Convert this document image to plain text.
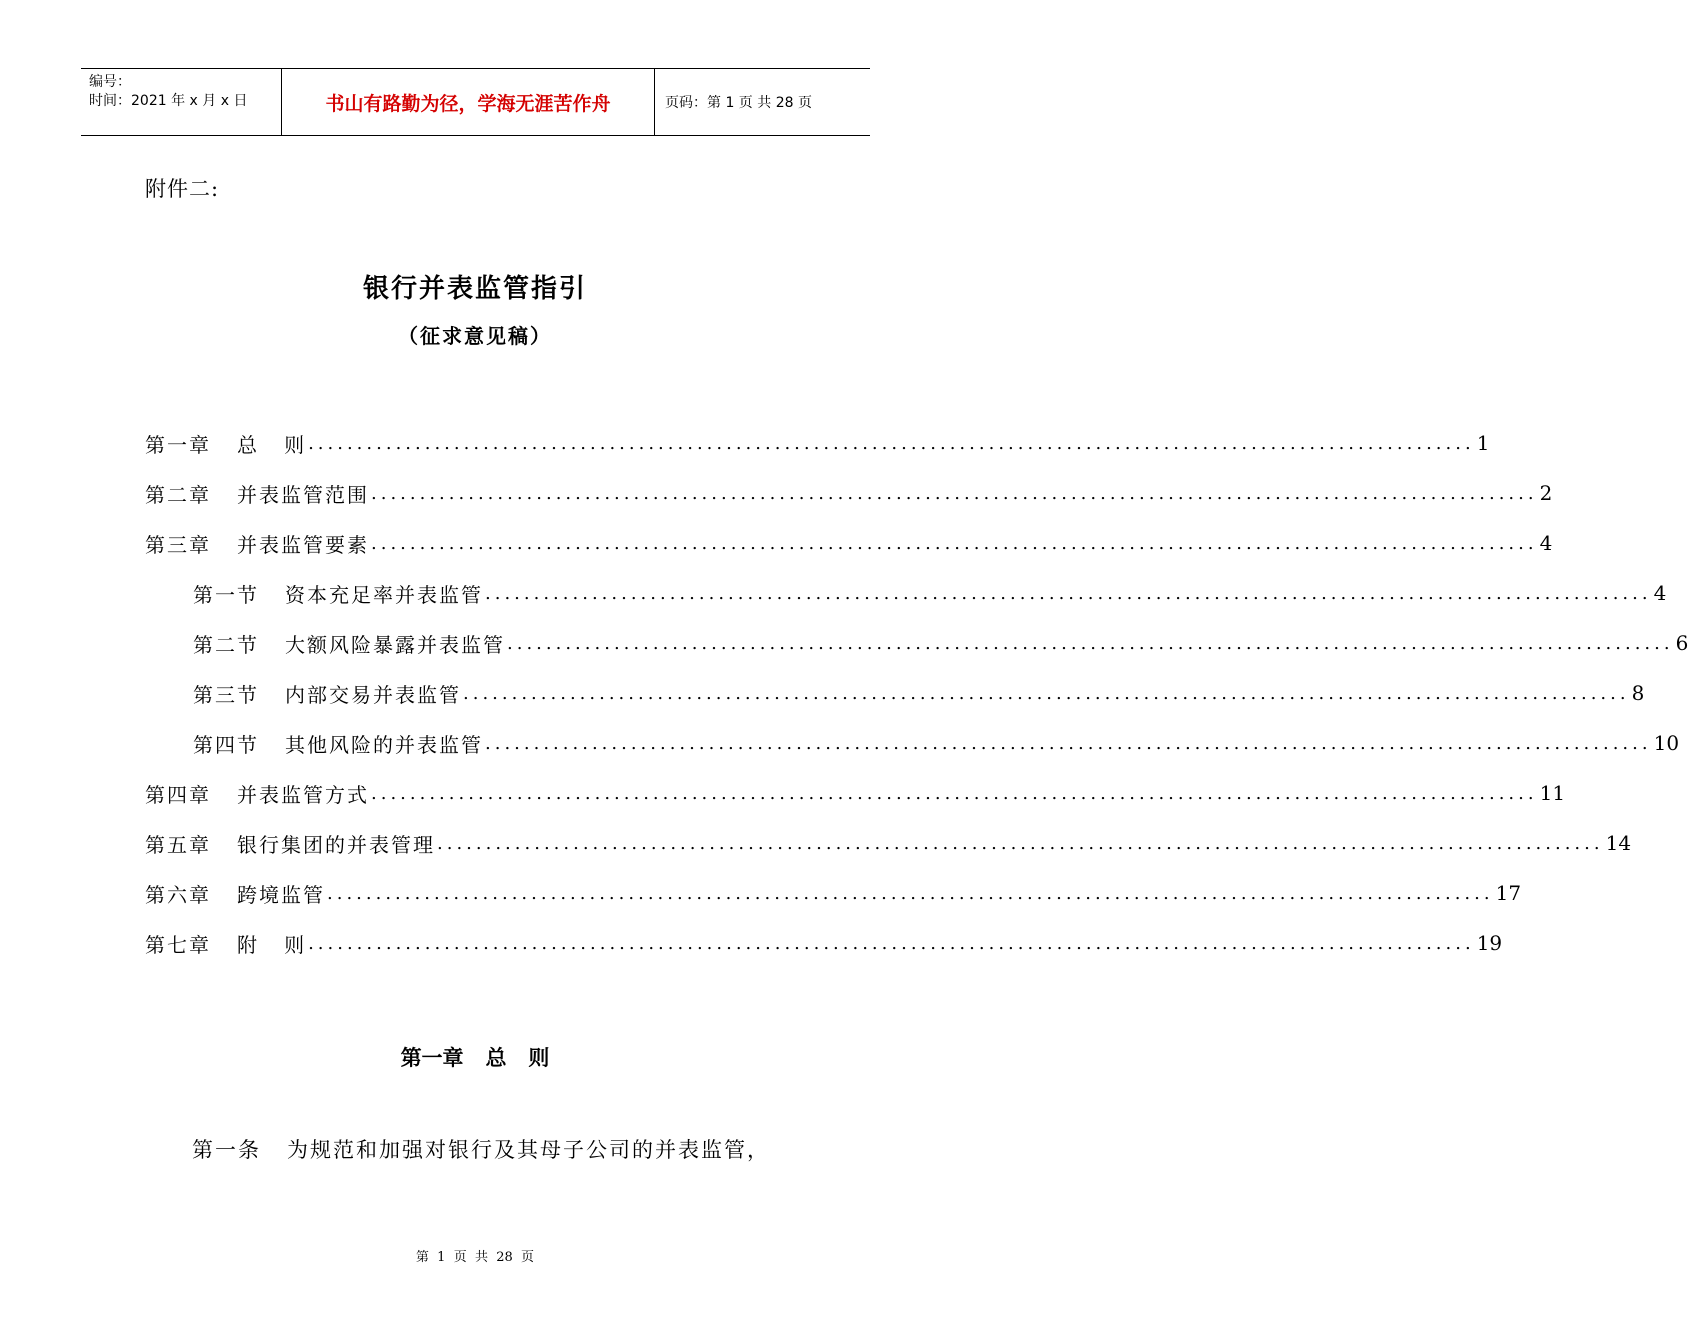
编号：
时间：2021 年 x 月 x 日	书山有路勤为径，学海无涯苦作舟	页码：第 1 页 共 28 页
附件二:
银行并表监管指引
（征求意见稿）
第一章 总   则 ........................................................................................................................ 1
第二章 并表监管范围 ........................................................................................................................ 2
第三章 并表监管要素 ........................................................................................................................ 4
第一节 资本充足率并表监管 ........................................................................................................................ 4
第二节 大额风险暴露并表监管 ........................................................................................................................ 6
第三节 内部交易并表监管 ........................................................................................................................ 8
第四节 其他风险的并表监管 ........................................................................................................................ 10
第四章 并表监管方式 ........................................................................................................................ 11
第五章 银行集团的并表管理 ........................................................................................................................ 14
第六章 跨境监管 ........................................................................................................................ 17
第七章 附   则 ........................................................................................................................ 19
第一章   总   则
第一条   为规范和加强对银行及其母子公司的并表监管，
第  1  页  共  28  页
